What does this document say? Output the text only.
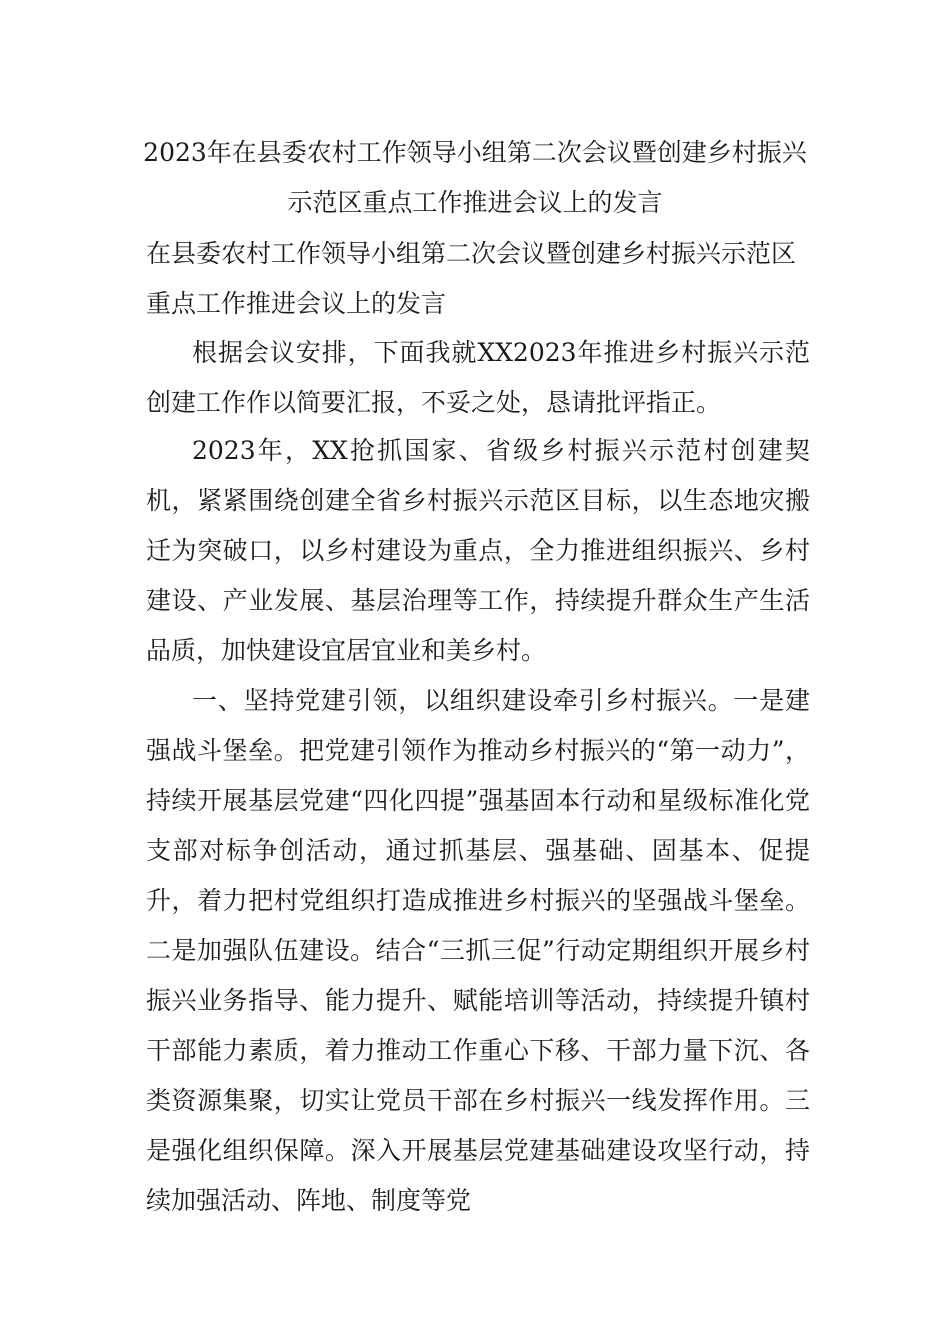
2023年在县委农村工作领导小组第二次会议暨创建乡村振兴示范区重点工作推进会议上的发言

在县委农村工作领导小组第二次会议暨创建乡村振兴示范区重点工作推进会议上的发言

根据会议安排，下面我就XX2023年推进乡村振兴示范创建工作作以简要汇报，不妥之处，恳请批评指正。

2023年，XX抢抓国家、省级乡村振兴示范村创建契机，紧紧围绕创建全省乡村振兴示范区目标，以生态地灾搬迁为突破口，以乡村建设为重点，全力推进组织振兴、乡村建设、产业发展、基层治理等工作，持续提升群众生产生活品质，加快建设宜居宜业和美乡村。

一、坚持党建引领，以组织建设牵引乡村振兴。一是建强战斗堡垒。把党建引领作为推动乡村振兴的“第一动力”，持续开展基层党建“四化四提”强基固本行动和星级标准化党支部对标争创活动，通过抓基层、强基础、固基本、促提升，着力把村党组织打造成推进乡村振兴的坚强战斗堡垒。二是加强队伍建设。结合“三抓三促”行动定期组织开展乡村振兴业务指导、能力提升、赋能培训等活动，持续提升镇村干部能力素质，着力推动工作重心下移、干部力量下沉、各类资源集聚，切实让党员干部在乡村振兴一线发挥作用。三是强化组织保障。深入开展基层党建基础建设攻坚行动，持续加强活动、阵地、制度等党
